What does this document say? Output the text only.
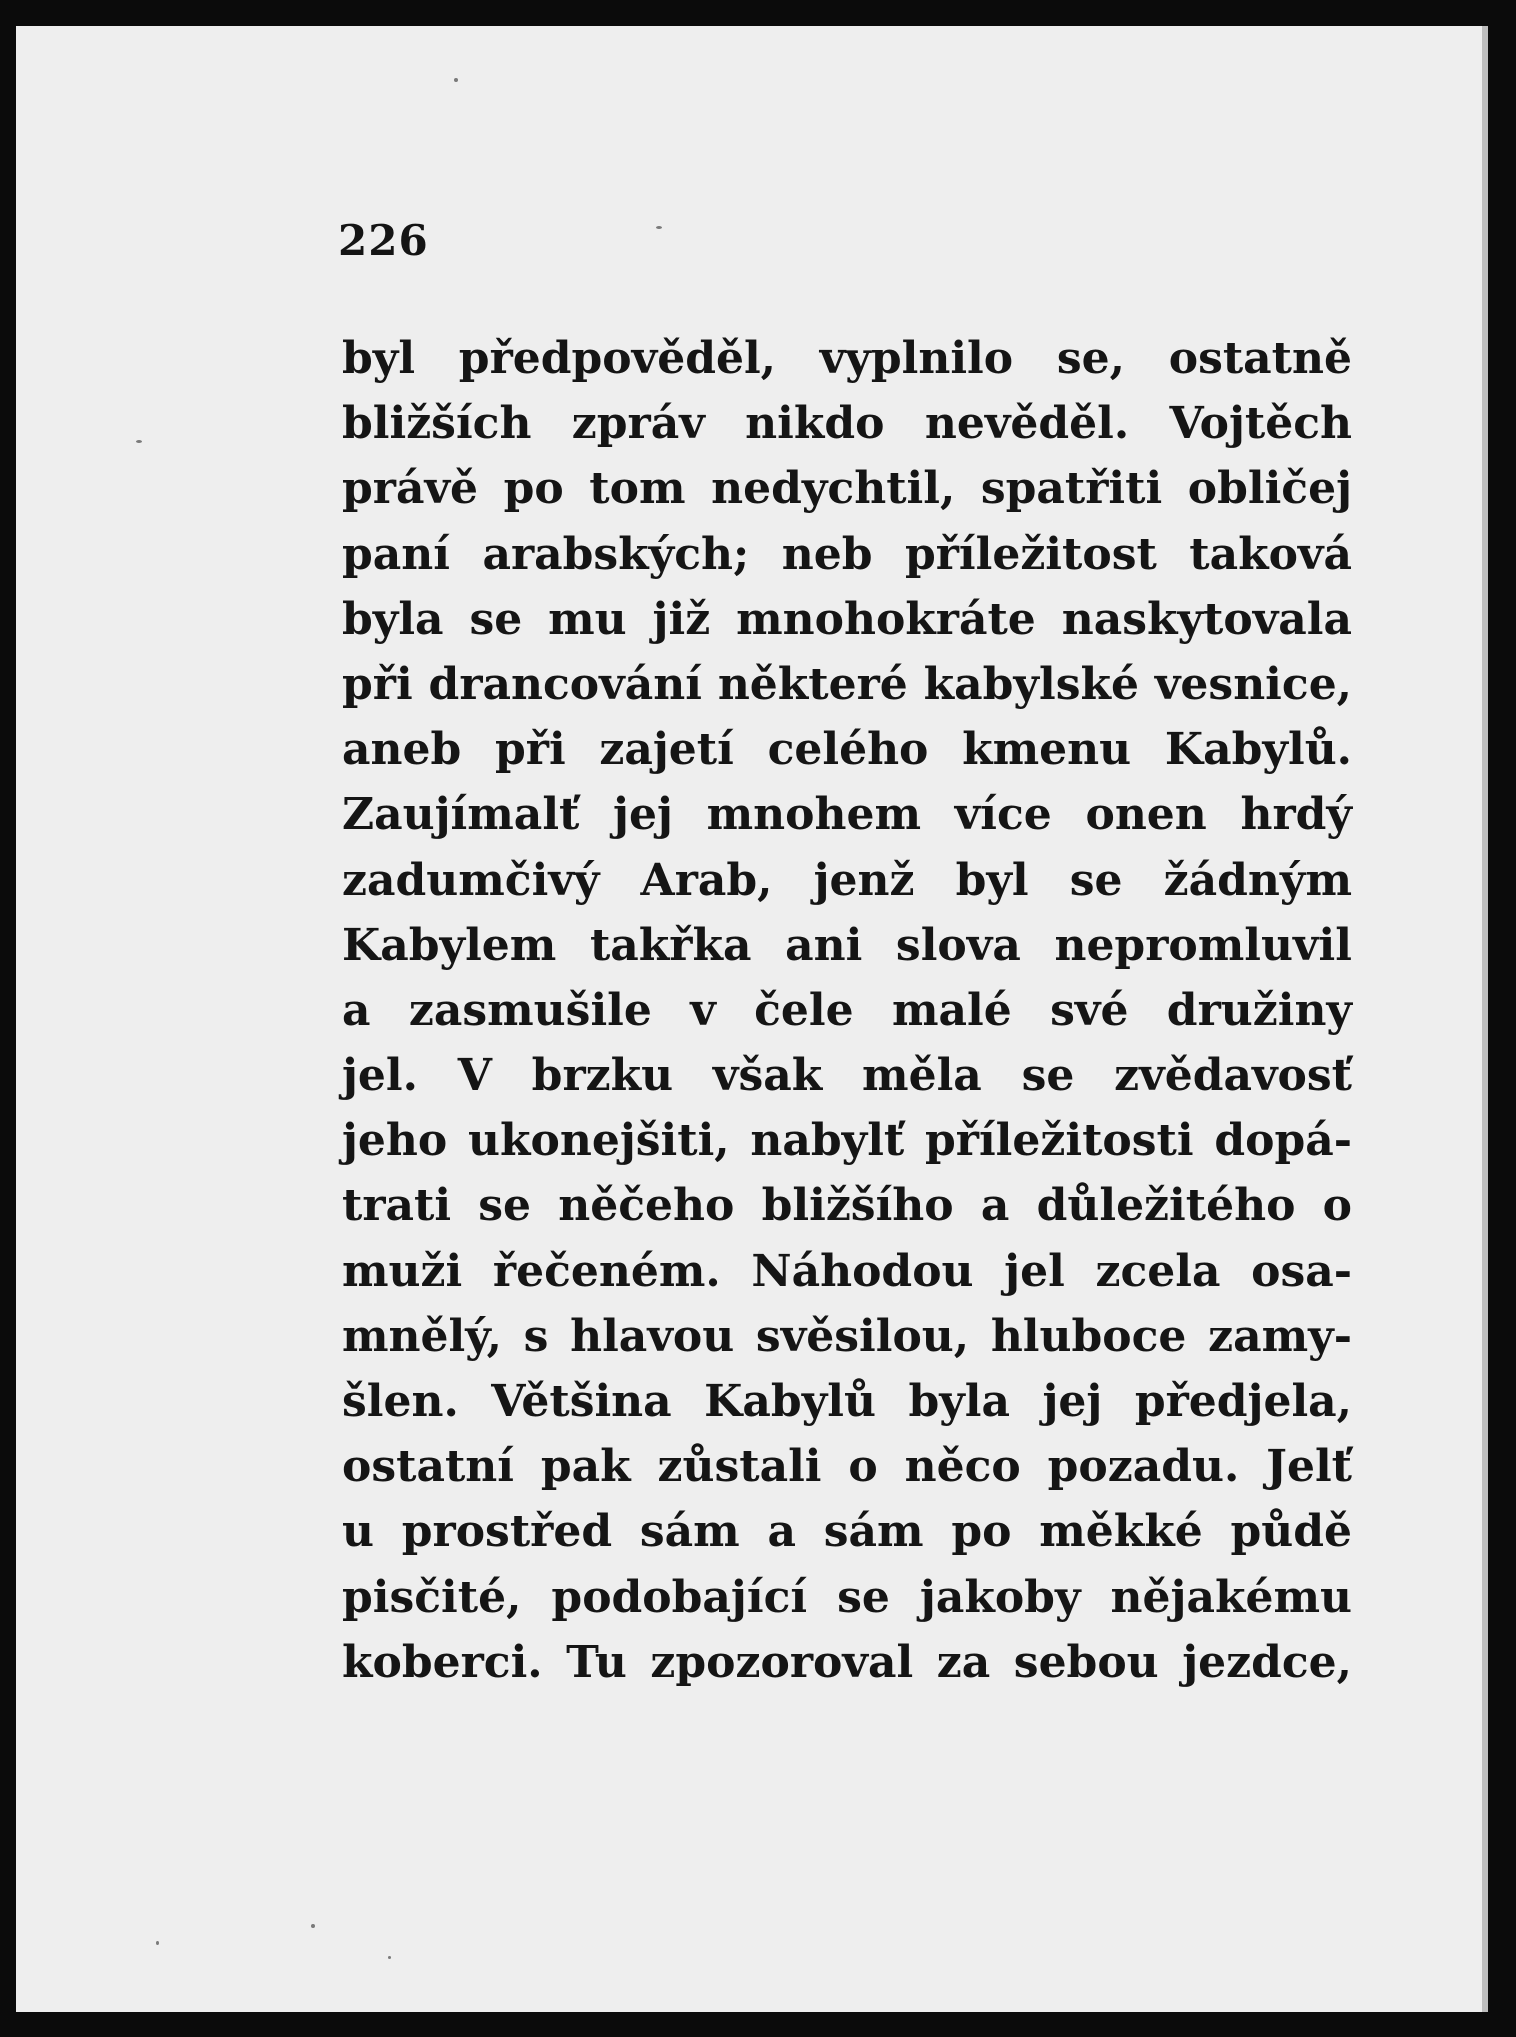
226
byl předpověděl, vyplnilo se, ostatně
bližších zpráv nikdo nevěděl. Vojtěch
právě po tom nedychtil, spatřiti obličej
paní arabských; neb příležitost taková
byla se mu již mnohokráte naskytovala
při drancování některé kabylské vesnice,
aneb při zajetí celého kmenu Kabylů.
Zaujímalť jej mnohem více onen hrdý
zadumčivý Arab, jenž byl se žádným
Kabylem takřka ani slova nepromluvil
a zasmušile v čele malé své družiny
jel. V brzku však měla se zvědavosť
jeho ukonejšiti, nabylť příležitosti dopá-
trati se něčeho bližšího a důležitého o
muži řečeném. Náhodou jel zcela osa-
mnělý, s hlavou svěsilou, hluboce zamy-
šlen. Většina Kabylů byla jej předjela,
ostatní pak zůstali o něco pozadu. Jelť
u prostřed sám a sám po měkké půdě
pisčité, podobající se jakoby nějakému
koberci. Tu zpozoroval za sebou jezdce,
